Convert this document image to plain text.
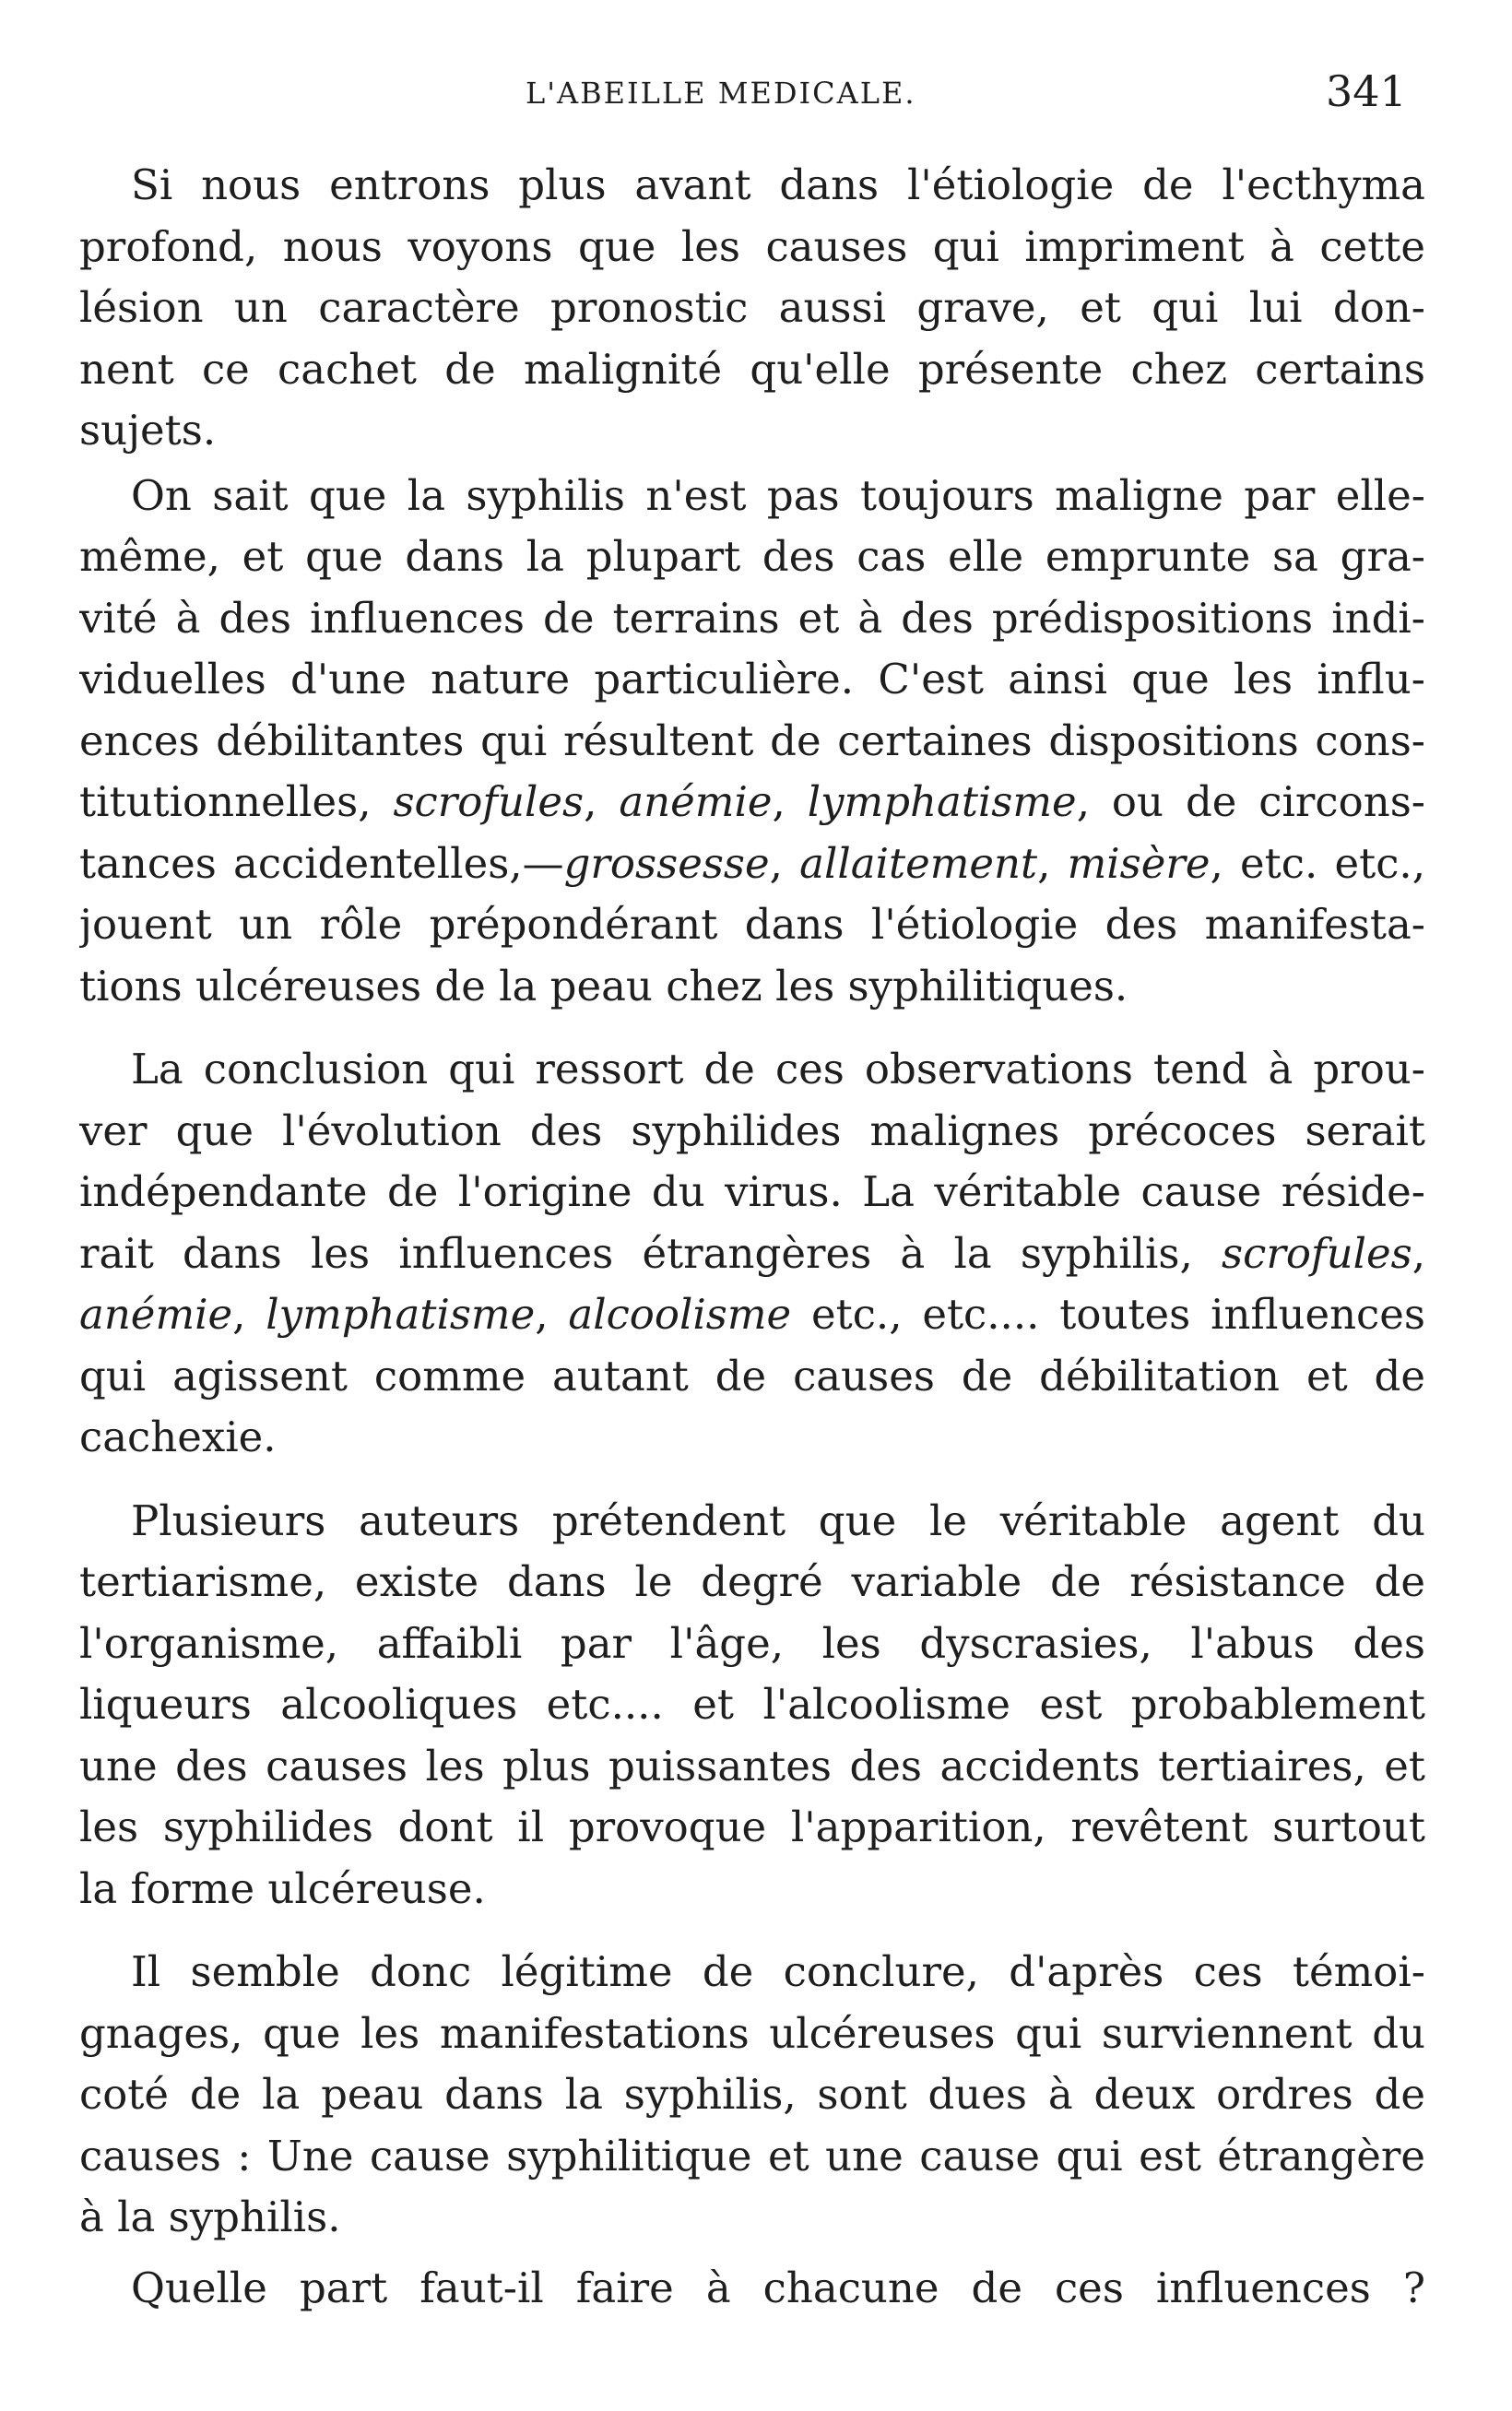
L'ABEILLE MEDICALE.	341

Si nous entrons plus avant dans l'étiologie de l'ecthyma
profond, nous voyons que les causes qui impriment à cette
lésion un caractère pronostic aussi grave, et qui lui don-
nent ce cachet de malignité qu'elle présente chez certains
sujets.

On sait que la syphilis n'est pas toujours maligne par elle-
même, et que dans la plupart des cas elle emprunte sa gra-
vité à des influences de terrains et à des prédispositions indi-
viduelles d'une nature particulière. C'est ainsi que les influ-
ences débilitantes qui résultent de certaines dispositions cons-
titutionnelles, scrofules, anémie, lymphatisme, ou de circons-
tances accidentelles,—grossesse, allaitement, misère, etc. etc.,
jouent un rôle prépondérant dans l'étiologie des manifesta-
tions ulcéreuses de la peau chez les syphilitiques.

La conclusion qui ressort de ces observations tend à prou-
ver que l'évolution des syphilides malignes précoces serait
indépendante de l'origine du virus. La véritable cause réside-
rait dans les influences étrangères à la syphilis, scrofules,
anémie, lymphatisme, alcoolisme etc., etc.... toutes influences
qui agissent comme autant de causes de débilitation et de
cachexie.

Plusieurs auteurs prétendent que le véritable agent du
tertiarisme, existe dans le degré variable de résistance de
l'organisme, affaibli par l'âge, les dyscrasies, l'abus des
liqueurs alcooliques etc.... et l'alcoolisme est probablement
une des causes les plus puissantes des accidents tertiaires, et
les syphilides dont il provoque l'apparition, revêtent surtout
la forme ulcéreuse.

Il semble donc légitime de conclure, d'après ces témoi-
gnages, que les manifestations ulcéreuses qui surviennent du
coté de la peau dans la syphilis, sont dues à deux ordres de
causes : Une cause syphilitique et une cause qui est étrangère
à la syphilis.

Quelle part faut-il faire à chacune de ces influences ?
